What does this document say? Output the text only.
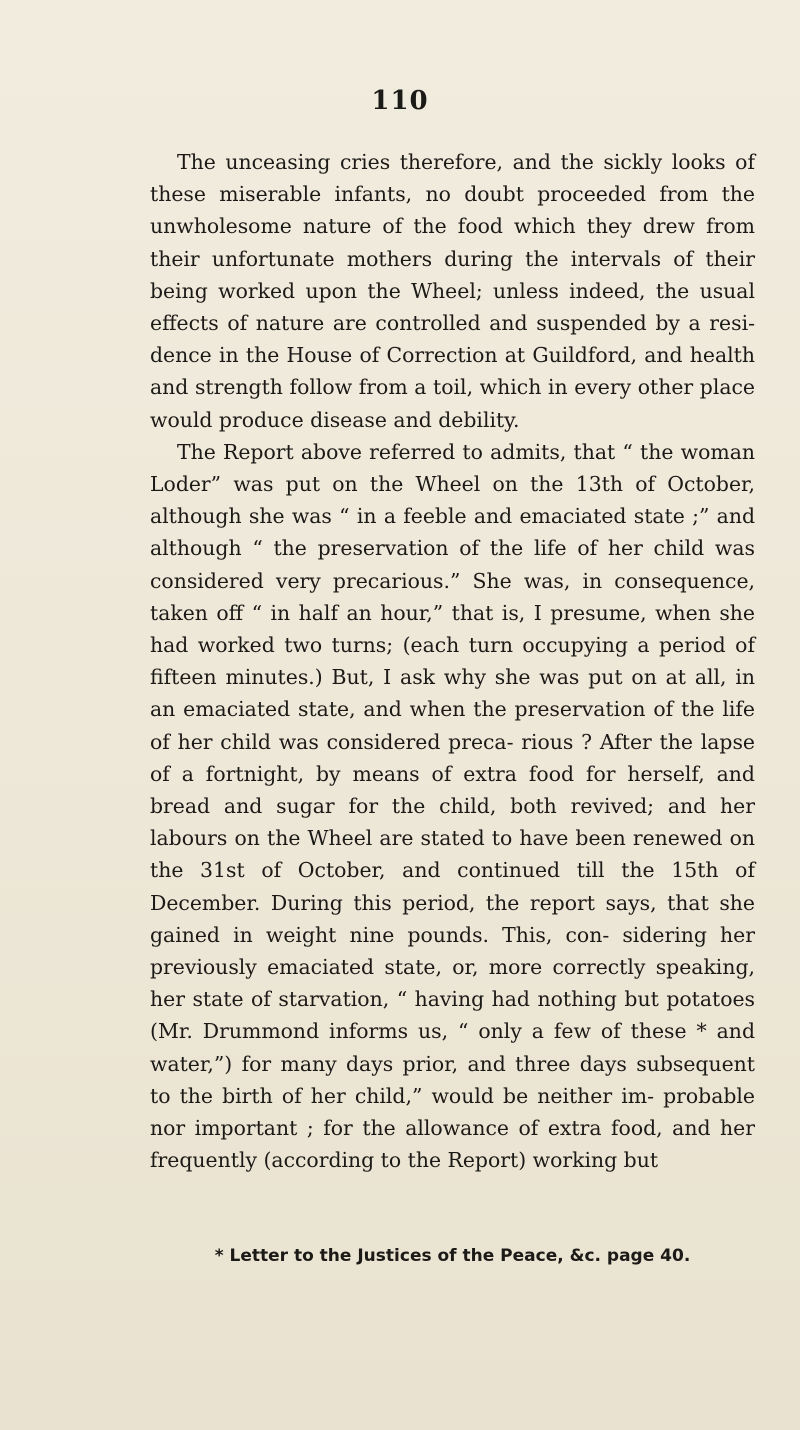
110

The unceasing cries therefore, and the sickly looks of these miserable infants, no doubt proceeded from the unwholesome nature of the food which they drew from their unfortunate mothers during the intervals of their being worked upon the Wheel; unless indeed, the usual effects of nature are controlled and suspended by a resi- dence in the House of Correction at Guildford, and health and strength follow from a toil, which in every other place would produce disease and debility.

The Report above referred to admits, that “ the woman Loder” was put on the Wheel on the 13th of October, although she was “ in a feeble and emaciated state ;” and although “ the preservation of the life of her child was considered very precarious.” She was, in consequence, taken off “ in half an hour,” that is, I presume, when she had worked two turns; (each turn occupying a period of fifteen minutes.) But, I ask why she was put on at all, in an emaciated state, and when the preservation of the life of her child was considered preca- rious ? After the lapse of a fortnight, by means of extra food for herself, and bread and sugar for the child, both revived; and her labours on the Wheel are stated to have been renewed on the 31st of October, and continued till the 15th of December. During this period, the report says, that she gained in weight nine pounds. This, con- sidering her previously emaciated state, or, more correctly speaking, her state of starvation, “ having had nothing but potatoes (Mr. Drummond informs us, “ only a few of these * and water,”) for many days prior, and three days subsequent to the birth of her child,” would be neither im- probable nor important ; for the allowance of extra food, and her frequently (according to the Report) working but

* Letter to the Justices of the Peace, &c. page 40.
